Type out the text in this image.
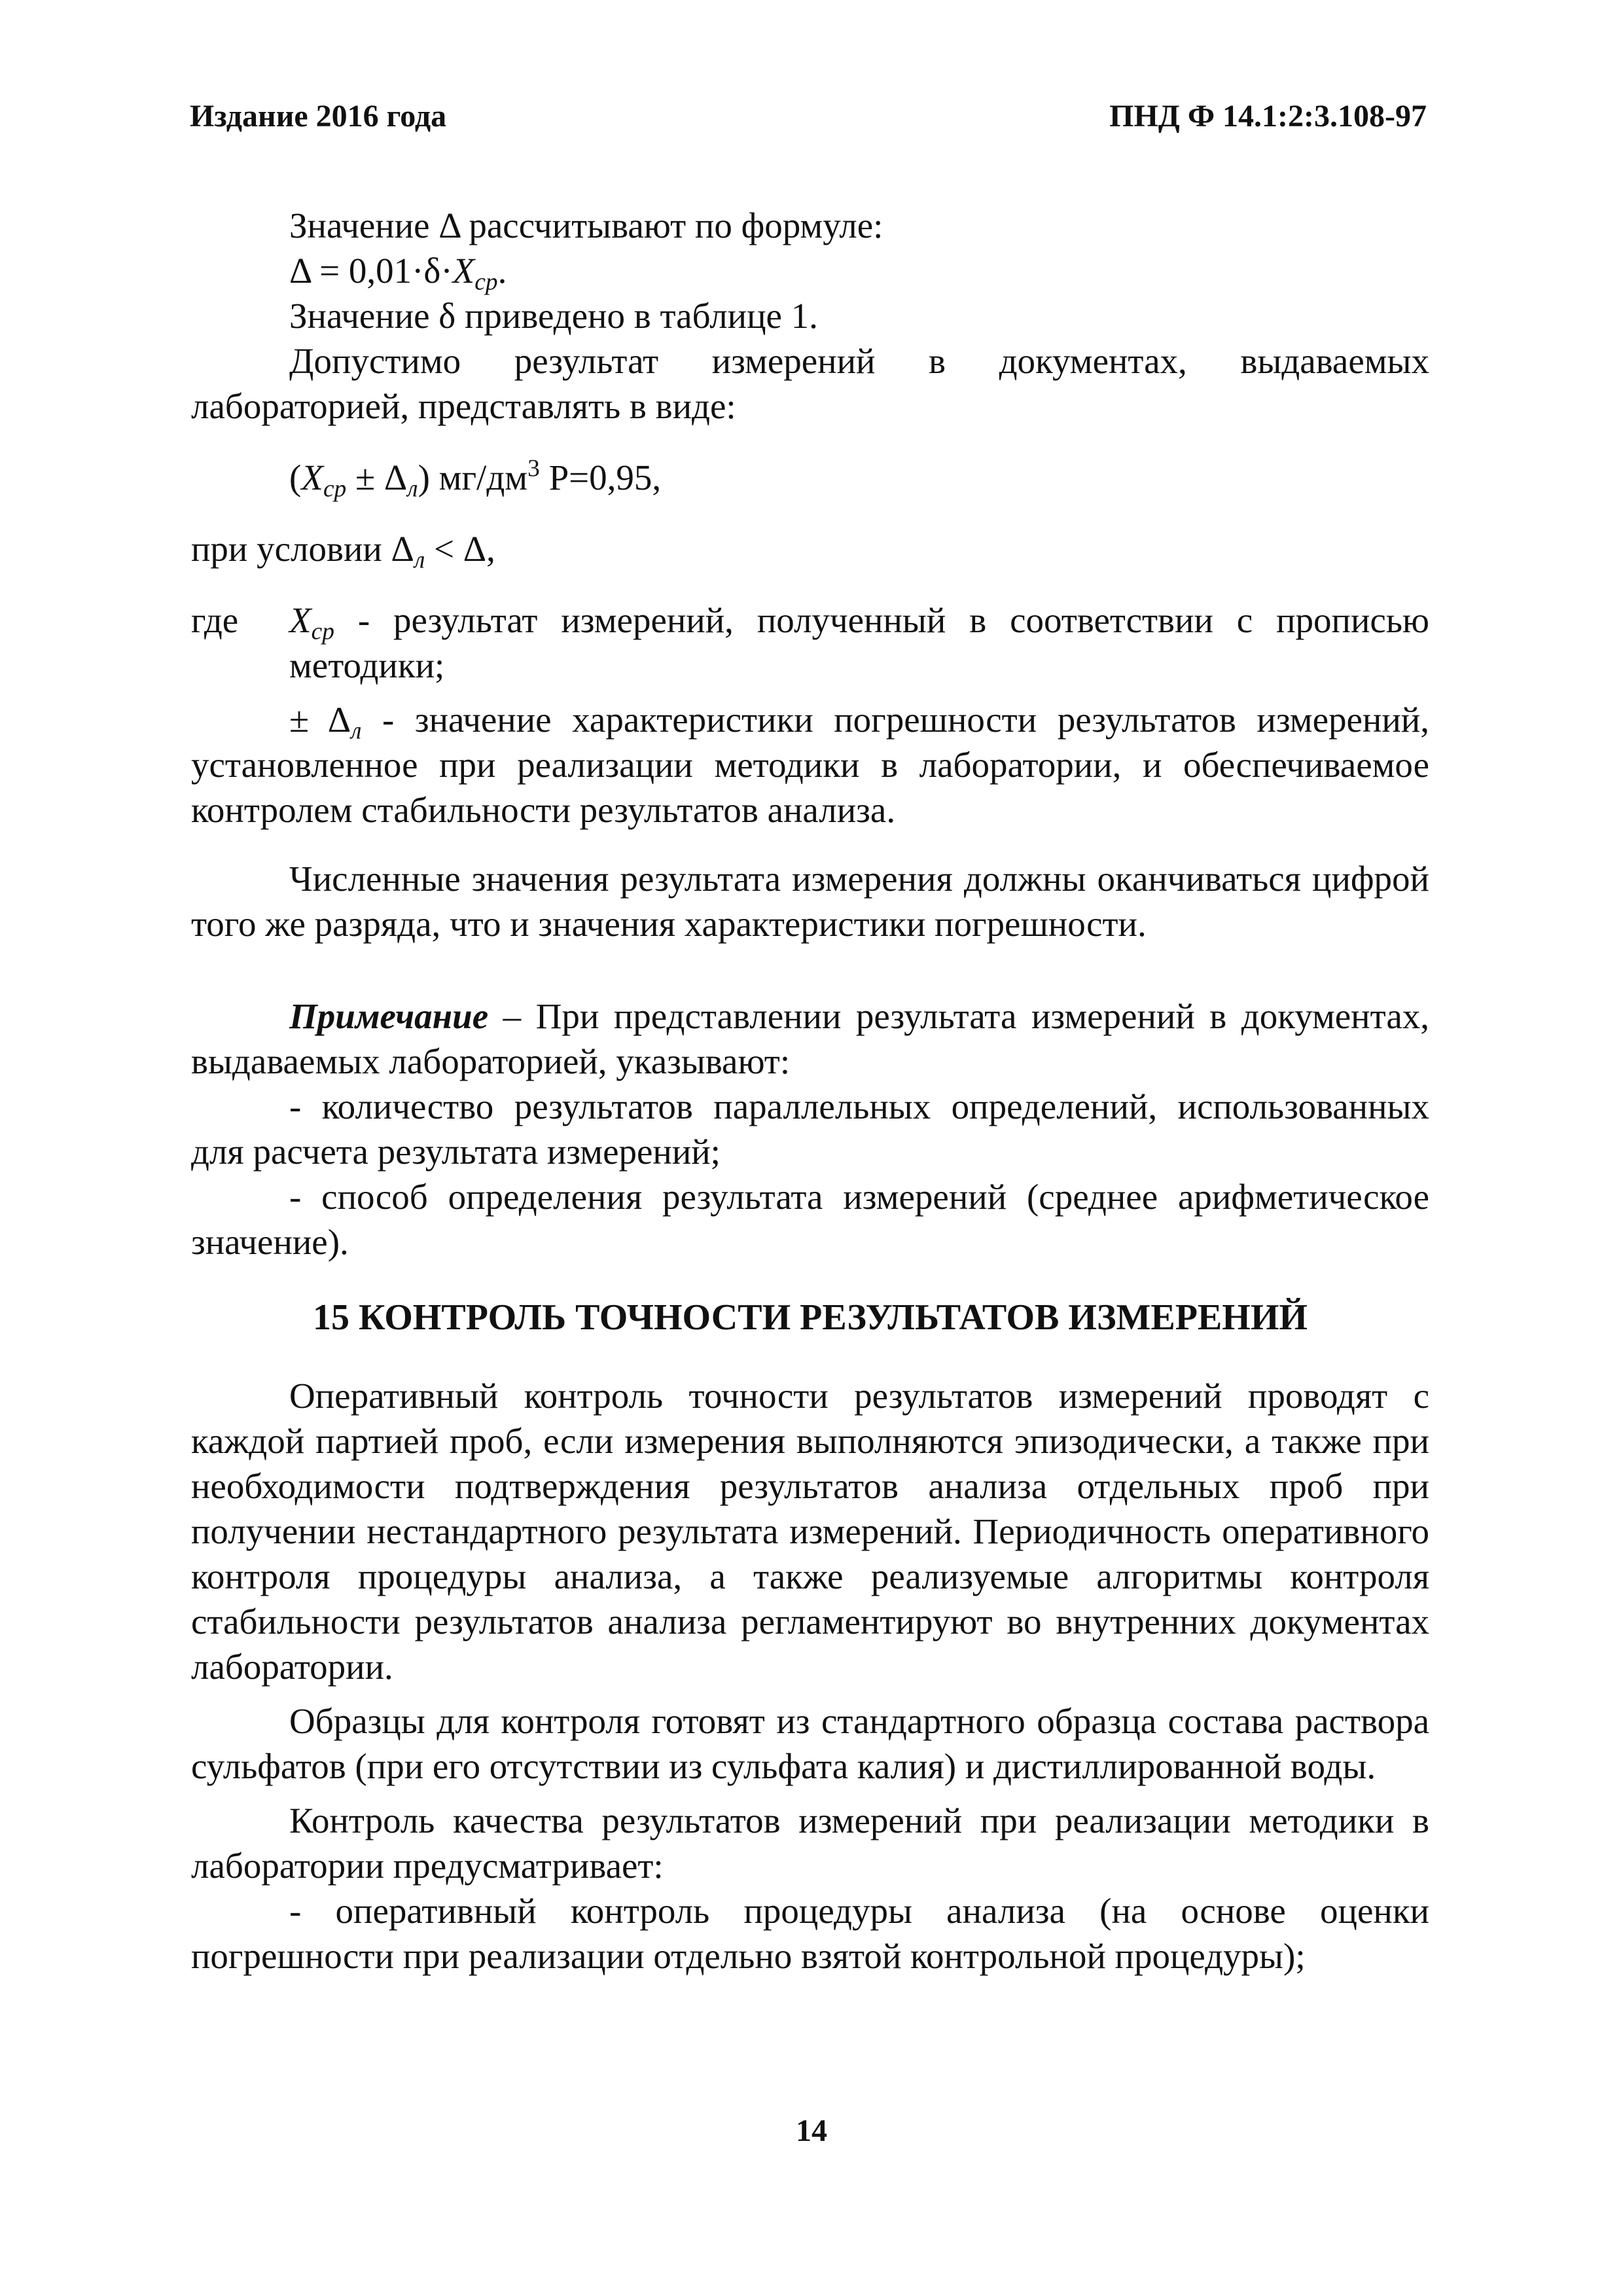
Издание 2016 года	ПНД Ф 14.1:2:3.108-97

Значение Δ рассчитывают по формуле:

$\Delta = 0,01\cdot\delta\cdot X_{ср}$.

Значение δ приведено в таблице 1.

Допустимо результат измерений в документах, выдаваемых лабораторией, представлять в виде:

$(X_{ср} \pm \Delta_л)$ $мг/дм^3$ P=0,95,

при условии $\Delta_л < \Delta$,

где	$X_{ср}$ - результат измерений, полученный в соответствии с прописью методики;

± $\Delta_л$ - значение характеристики погрешности результатов измерений, установленное при реализации методики в лаборатории, и обеспечиваемое контролем стабильности результатов анализа.

Численные значения результата измерения должны оканчиваться цифрой того же разряда, что и значения характеристики погрешности.

Примечание – При представлении результата измерений в документах, выдаваемых лабораторией, указывают:

- количество результатов параллельных определений, использованных для расчета результата измерений;

- способ определения результата измерений (среднее арифметическое значение).

15 КОНТРОЛЬ ТОЧНОСТИ РЕЗУЛЬТАТОВ ИЗМЕРЕНИЙ

Оперативный контроль точности результатов измерений проводят с каждой партией проб, если измерения выполняются эпизодически, а также при необходимости подтверждения результатов анализа отдельных проб при получении нестандартного результата измерений. Периодичность оперативного контроля процедуры анализа, а также реализуемые алгоритмы контроля стабильности результатов анализа регламентируют во внутренних документах лаборатории.

Образцы для контроля готовят из стандартного образца состава раствора сульфатов (при его отсутствии из сульфата калия) и дистиллированной воды.

Контроль качества результатов измерений при реализации методики в лаборатории предусматривает:

- оперативный контроль процедуры анализа (на основе оценки погрешности при реализации отдельно взятой контрольной процедуры);

14
